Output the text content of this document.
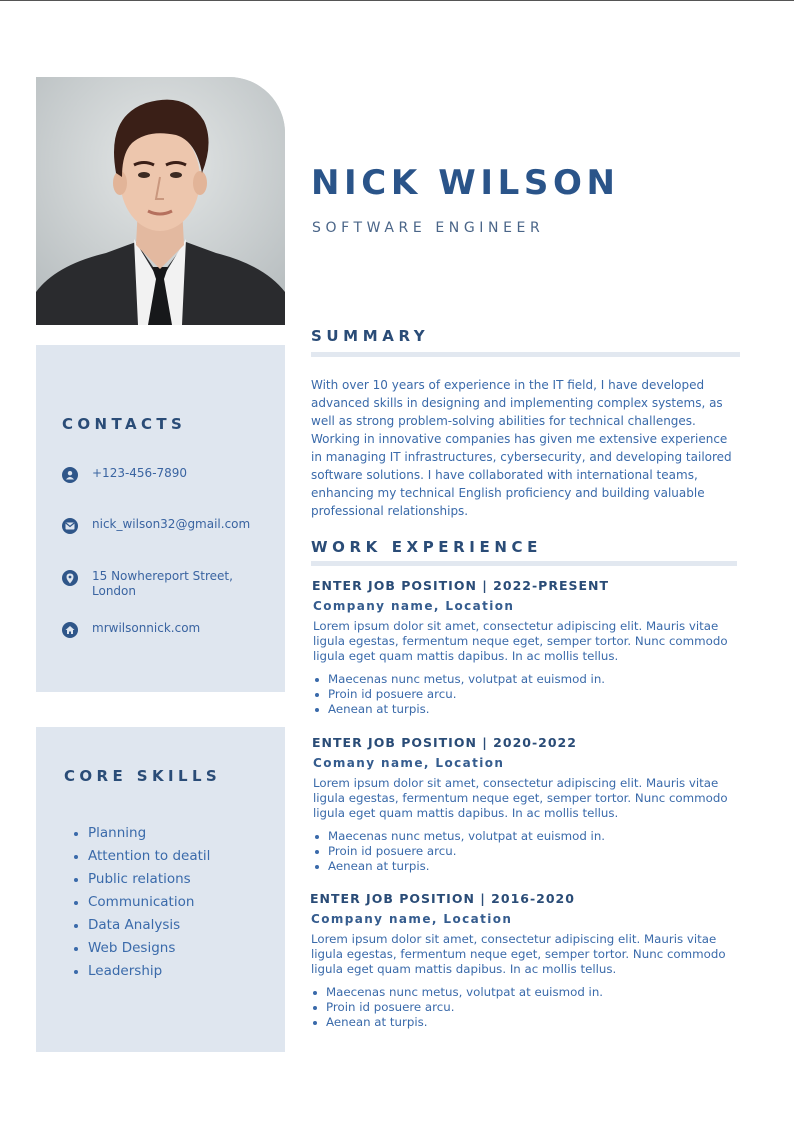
NICK WILSON
SOFTWARE ENGINEER
CONTACTS
+123-456-7890
nick_wilson32@gmail.com
15 Nowhereport Street, London
mrwilsonnick.com
CORE SKILLS
Planning
Attention to deatil
Public relations
Communication
Data Analysis
Web Designs
Leadership
SUMMARY
With over 10 years of experience in the IT field, I have developed advanced skills in designing and implementing complex systems, as well as strong problem-solving abilities for technical challenges. Working in innovative companies has given me extensive experience in managing IT infrastructures, cybersecurity, and developing tailored software solutions. I have collaborated with international teams, enhancing my technical English proficiency and building valuable professional relationships.
WORK EXPERIENCE
ENTER JOB POSITION | 2022-PRESENT
Company name, Location
Lorem ipsum dolor sit amet, consectetur adipiscing elit. Mauris vitae ligula egestas, fermentum neque eget, semper tortor. Nunc commodo ligula eget quam mattis dapibus. In ac mollis tellus.
Maecenas nunc metus, volutpat at euismod in.
Proin id posuere arcu.
Aenean at turpis.
ENTER JOB POSITION | 2020-2022
Comany name, Location
Lorem ipsum dolor sit amet, consectetur adipiscing elit. Mauris vitae ligula egestas, fermentum neque eget, semper tortor. Nunc commodo ligula eget quam mattis dapibus. In ac mollis tellus.
Maecenas nunc metus, volutpat at euismod in.
Proin id posuere arcu.
Aenean at turpis.
ENTER JOB POSITION | 2016-2020
Company name, Location
Lorem ipsum dolor sit amet, consectetur adipiscing elit. Mauris vitae ligula egestas, fermentum neque eget, semper tortor. Nunc commodo ligula eget quam mattis dapibus. In ac mollis tellus.
Maecenas nunc metus, volutpat at euismod in.
Proin id posuere arcu.
Aenean at turpis.
